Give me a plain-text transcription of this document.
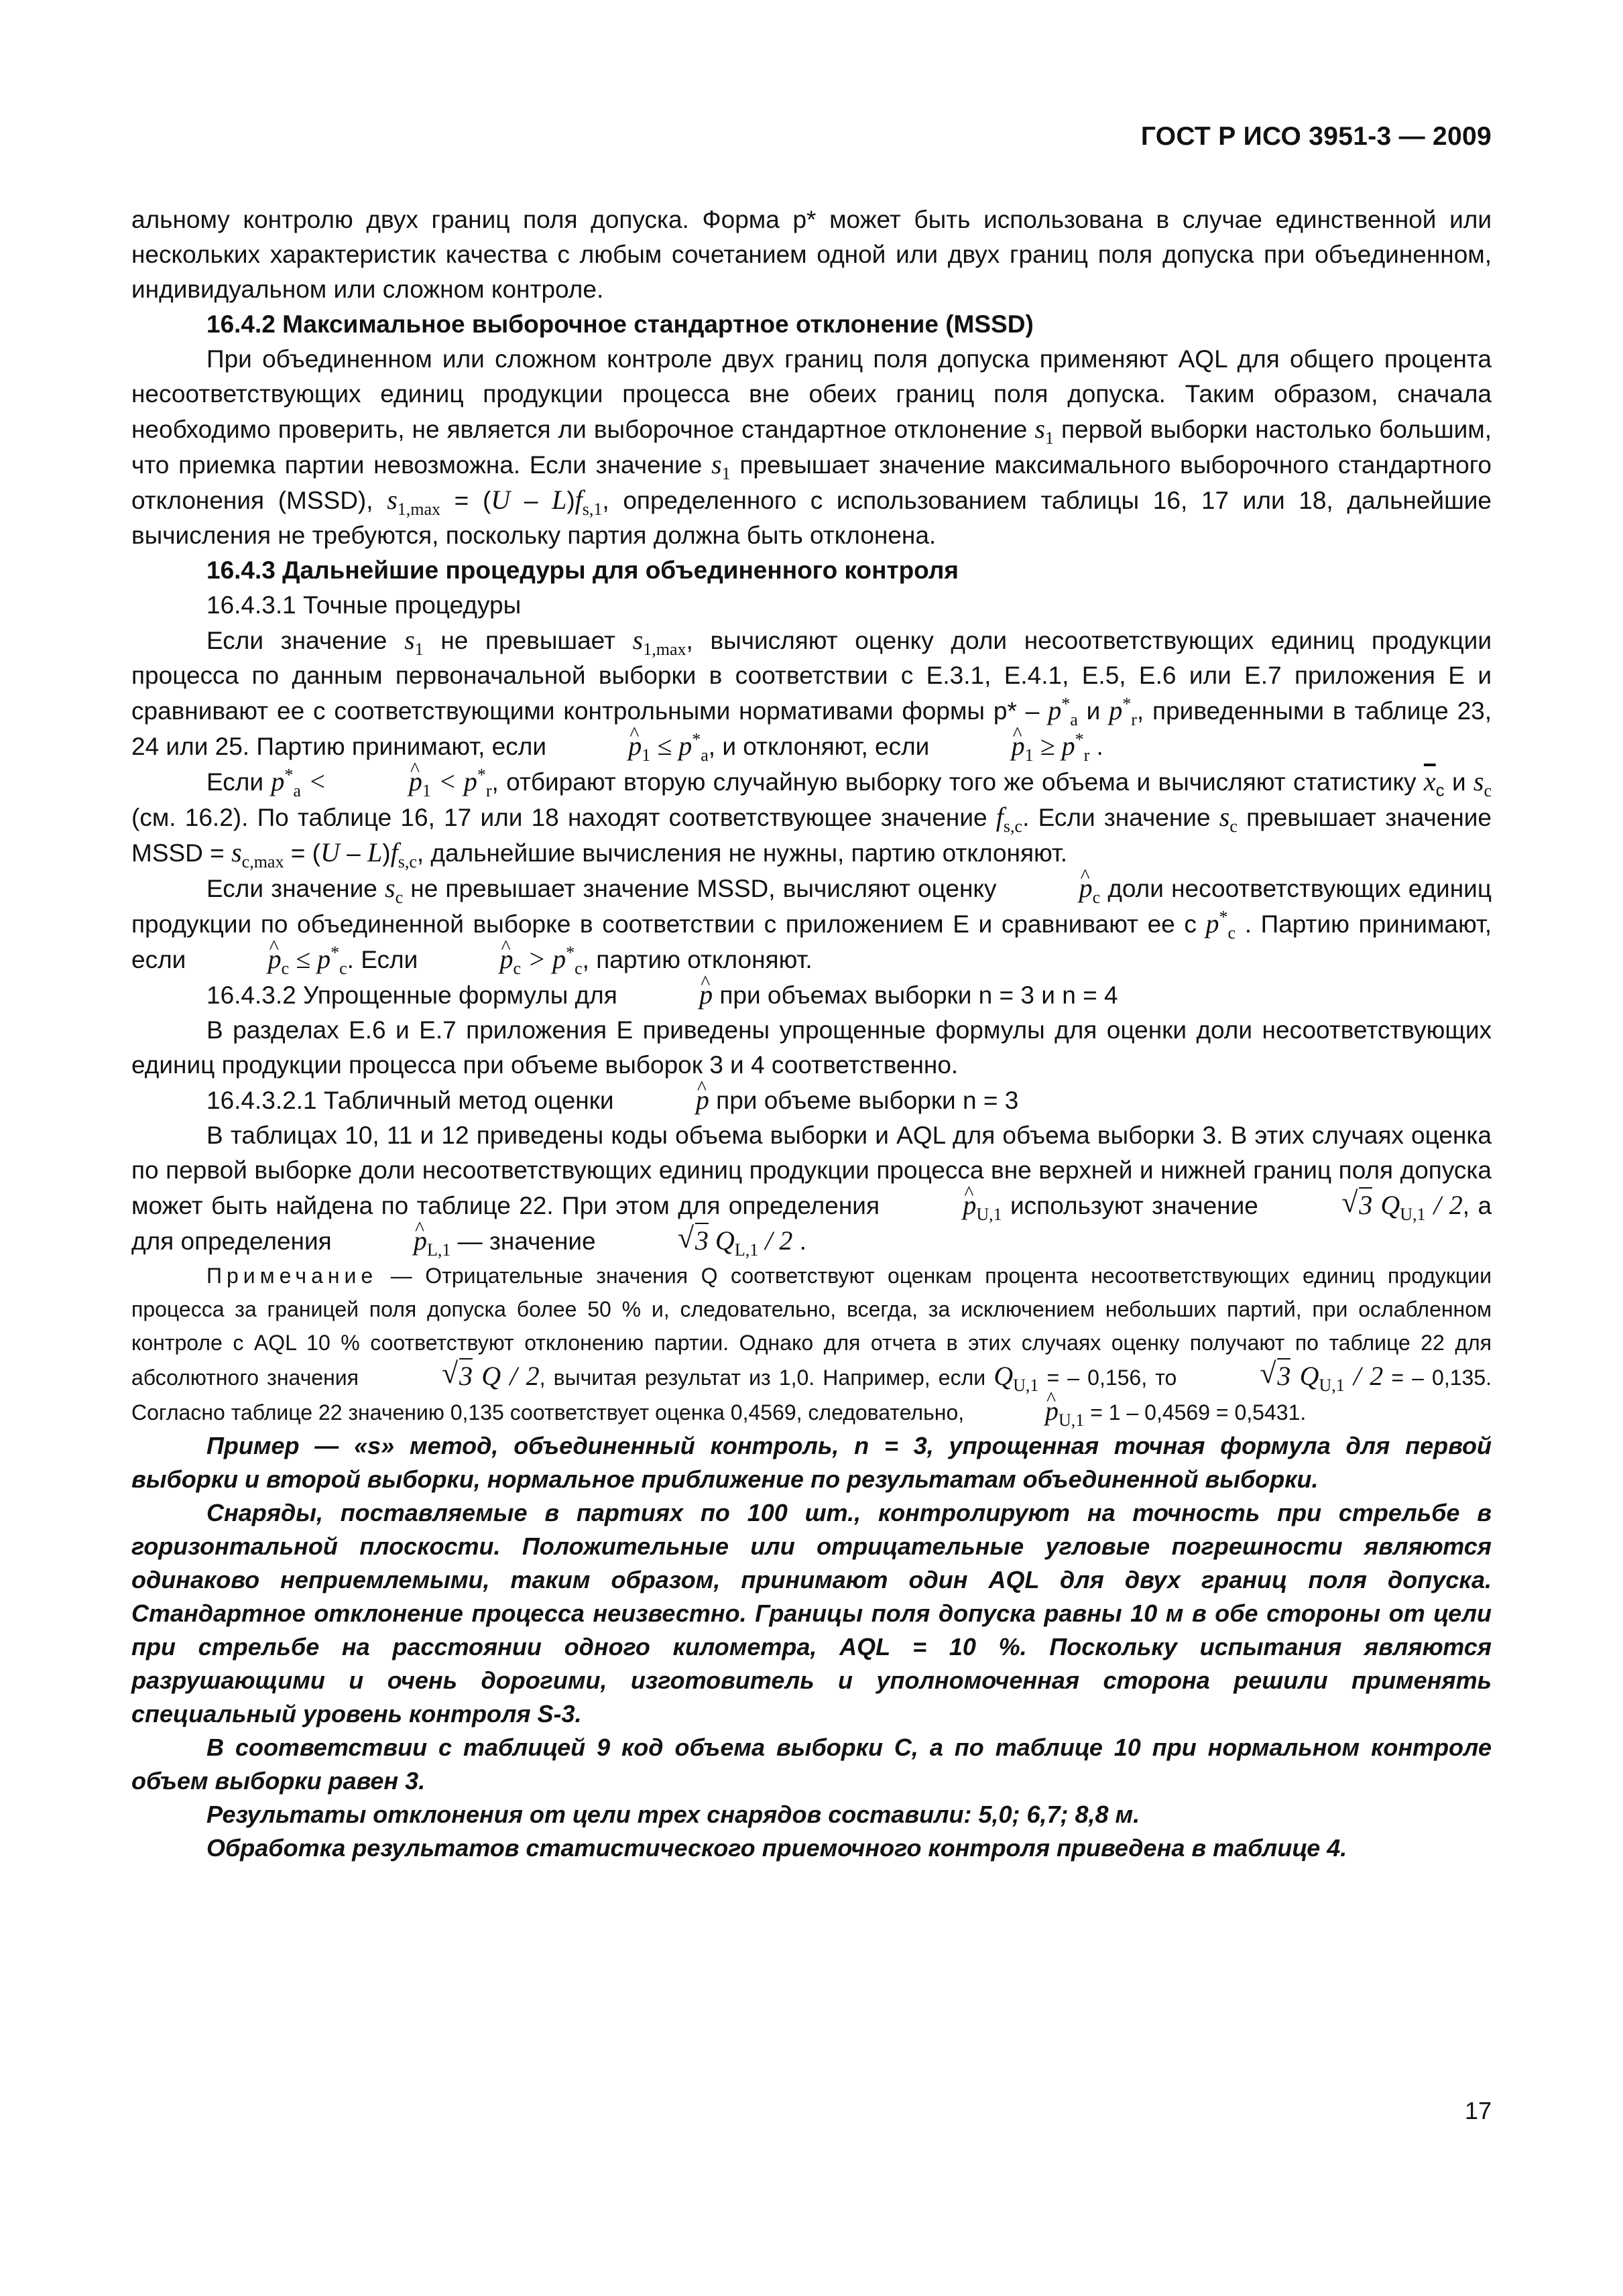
ГОСТ Р ИСО 3951-3 — 2009

альному контролю двух границ поля допуска. Форма p* может быть использована в случае единственной или нескольких характеристик качества с любым сочетанием одной или двух границ поля допуска при объединенном, индивидуальном или сложном контроле.

16.4.2 Максимальное выборочное стандартное отклонение (MSSD)

При объединенном или сложном контроле двух границ поля допуска применяют AQL для общего процента несоответствующих единиц продукции процесса вне обеих границ поля допуска. Таким образом, сначала необходимо проверить, не является ли выборочное стандартное отклонение $s_1$ первой выборки настолько большим, что приемка партии невозможна. Если значение $s_1$ превышает значение максимального выборочного стандартного отклонения (MSSD), $s_{1,max} = (U - L)f_{s,1}$, определенного с использованием таблицы 16, 17 или 18, дальнейшие вычисления не требуются, поскольку партия должна быть отклонена.

16.4.3 Дальнейшие процедуры для объединенного контроля

16.4.3.1 Точные процедуры

Если значение $s_1$ не превышает $s_{1,max}$, вычисляют оценку доли несоответствующих единиц продукции процесса по данным первоначальной выборки в соответствии с Е.3.1, Е.4.1, Е.5, Е.6 или Е.7 приложения Е и сравнивают ее с соответствующими контрольными нормативами формы $p* - p^*_a$ и $p^*_r$, приведенными в таблице 23, 24 или 25. Партию принимают, если	^ $p_1 \le p^*_a$, и отклоняют, если	^ $p_1 \ge p^*_r$ .

Если $p^*_a$ <	^ $p_1 < p^*_r$, отбирают вторую случайную выборку того же объема и вычисляют статистику $\overline{x}_c$ и $s_c$ (см. 16.2). По таблице 16, 17 или 18 находят соответствующее значение $f_{s,c}$. Если значение $s_c$ превышает значение MSSD = $s_{c,max} = (U - L)f_{s,c}$, дальнейшие вычисления не нужны, партию отклоняют.

Если значение $s_c$ не превышает значение MSSD, вычисляют оценку	^ $p_c$ доли несоответствующих единиц продукции по объединенной выборке в соответствии с приложением Е и сравнивают ее с $p^*_c$ . Партию принимают, если	^ $p_c \le p^*_c$. Если	^ $p_c > p^*_c$, партию отклоняют.

16.4.3.2 Упрощенные формулы для	^ p при объемах выборки n = 3 и n = 4

В разделах Е.6 и Е.7 приложения Е приведены упрощенные формулы для оценки доли несоответствующих единиц продукции процесса при объеме выборок 3 и 4 соответственно.

16.4.3.2.1 Табличный метод оценки	^ p при объеме выборки n = 3

В таблицах 10, 11 и 12 приведены коды объема выборки и AQL для объема выборки 3. В этих случаях оценка по первой выборке доли несоответствующих единиц продукции процесса вне верхней и нижней границ поля допуска может быть найдена по таблице 22. При этом для определения	^ $p_{U,1}$ используют значение	√ 3 $Q_{U,1} / 2$, а для определения	^ $p_{L,1}$ — значение	√ 3 $Q_{L,1} / 2$ .

Примечание — Отрицательные значения Q соответствуют оценкам процента несоответствующих единиц продукции процесса за границей поля допуска более 50 % и, следовательно, всегда, за исключением небольших партий, при ослабленном контроле с AQL 10 % соответствуют отклонению партии. Однако для отчета в этих случаях оценку получают по таблице 22 для абсолютного значения	√ 3 Q / 2, вычитая результат из 1,0. Например, если $Q_{U,1}$ = – 0,156, то	√ 3 $Q_{U,1} / 2$ = – 0,135. Согласно таблице 22 значению 0,135 соответствует оценка 0,4569, следовательно,	^ $p_{U,1} = 1 - 0,4569 = 0,5431$.

Пример — «s» метод, объединенный контроль, n = 3, упрощенная точная формула для первой выборки и второй выборки, нормальное приближение по результатам объединенной выборки.

Снаряды, поставляемые в партиях по 100 шт., контролируют на точность при стрельбе в горизонтальной плоскости. Положительные или отрицательные угловые погрешности являются одинаково неприемлемыми, таким образом, принимают один AQL для двух границ поля допуска. Стандартное отклонение процесса неизвестно. Границы поля допуска равны 10 м в обе стороны от цели при стрельбе на расстоянии одного километра, AQL = 10 %. Поскольку испытания являются разрушающими и очень дорогими, изготовитель и уполномоченная сторона решили применять специальный уровень контроля S-3.

В соответствии с таблицей 9 код объема выборки С, а по таблице 10 при нормальном контроле объем выборки равен 3.

Результаты отклонения от цели трех снарядов составили: 5,0; 6,7; 8,8 м.

Обработка результатов статистического приемочного контроля приведена в таблице 4.

17
